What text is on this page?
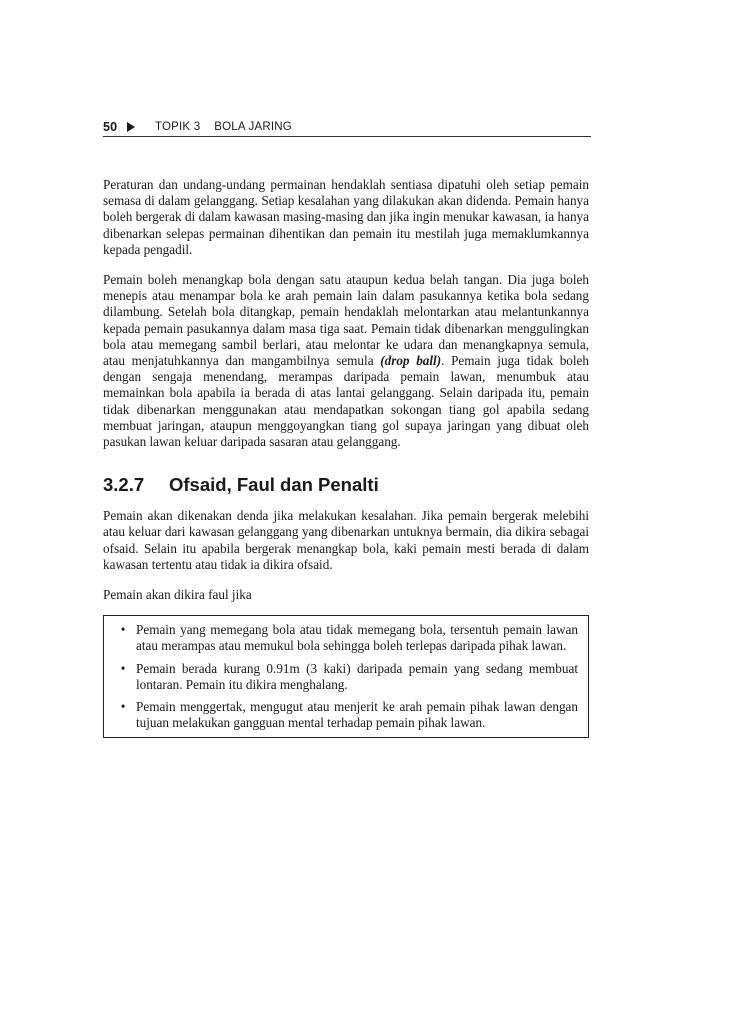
50	TOPIK 3 BOLA JARING

Peraturan dan undang-undang permainan hendaklah sentiasa dipatuhi oleh setiap pemain semasa di dalam gelanggang. Setiap kesalahan yang dilakukan akan didenda. Pemain hanya boleh bergerak di dalam kawasan masing-masing dan jika ingin menukar kawasan, ia hanya dibenarkan selepas permainan dihentikan dan pemain itu mestilah juga memaklumkannya kepada pengadil.

Pemain boleh menangkap bola dengan satu ataupun kedua belah tangan. Dia juga boleh menepis atau menampar bola ke arah pemain lain dalam pasukannya ketika bola sedang dilambung. Setelah bola ditangkap, pemain hendaklah melontarkan atau melantunkannya kepada pemain pasukannya dalam masa tiga saat. Pemain tidak dibenarkan menggulingkan bola atau memegang sambil berlari, atau melontar ke udara dan menangkapnya semula, atau menjatuhkannya dan mangambilnya semula (drop ball). Pemain juga tidak boleh dengan sengaja menendang, merampas daripada pemain lawan, menumbuk atau memainkan bola apabila ia berada di atas lantai gelanggang. Selain daripada itu, pemain tidak dibenarkan menggunakan atau mendapatkan sokongan tiang gol apabila sedang membuat jaringan, ataupun menggoyangkan tiang gol supaya jaringan yang dibuat oleh pasukan lawan keluar daripada sasaran atau gelanggang.

3.2.7	Ofsaid, Faul dan Penalti

Pemain akan dikenakan denda jika melakukan kesalahan. Jika pemain bergerak melebihi atau keluar dari kawasan gelanggang yang dibenarkan untuknya bermain, dia dikira sebagai ofsaid. Selain itu apabila bergerak menangkap bola, kaki pemain mesti berada di dalam kawasan tertentu atau tidak ia dikira ofsaid.

Pemain akan dikira faul jika

• Pemain yang memegang bola atau tidak memegang bola, tersentuh pemain lawan atau merampas atau memukul bola sehingga boleh terlepas daripada pihak lawan.
• Pemain berada kurang 0.91m (3 kaki) daripada pemain yang sedang membuat lontaran. Pemain itu dikira menghalang.
• Pemain menggertak, mengugut atau menjerit ke arah pemain pihak lawan dengan tujuan melakukan gangguan mental terhadap pemain pihak lawan.
